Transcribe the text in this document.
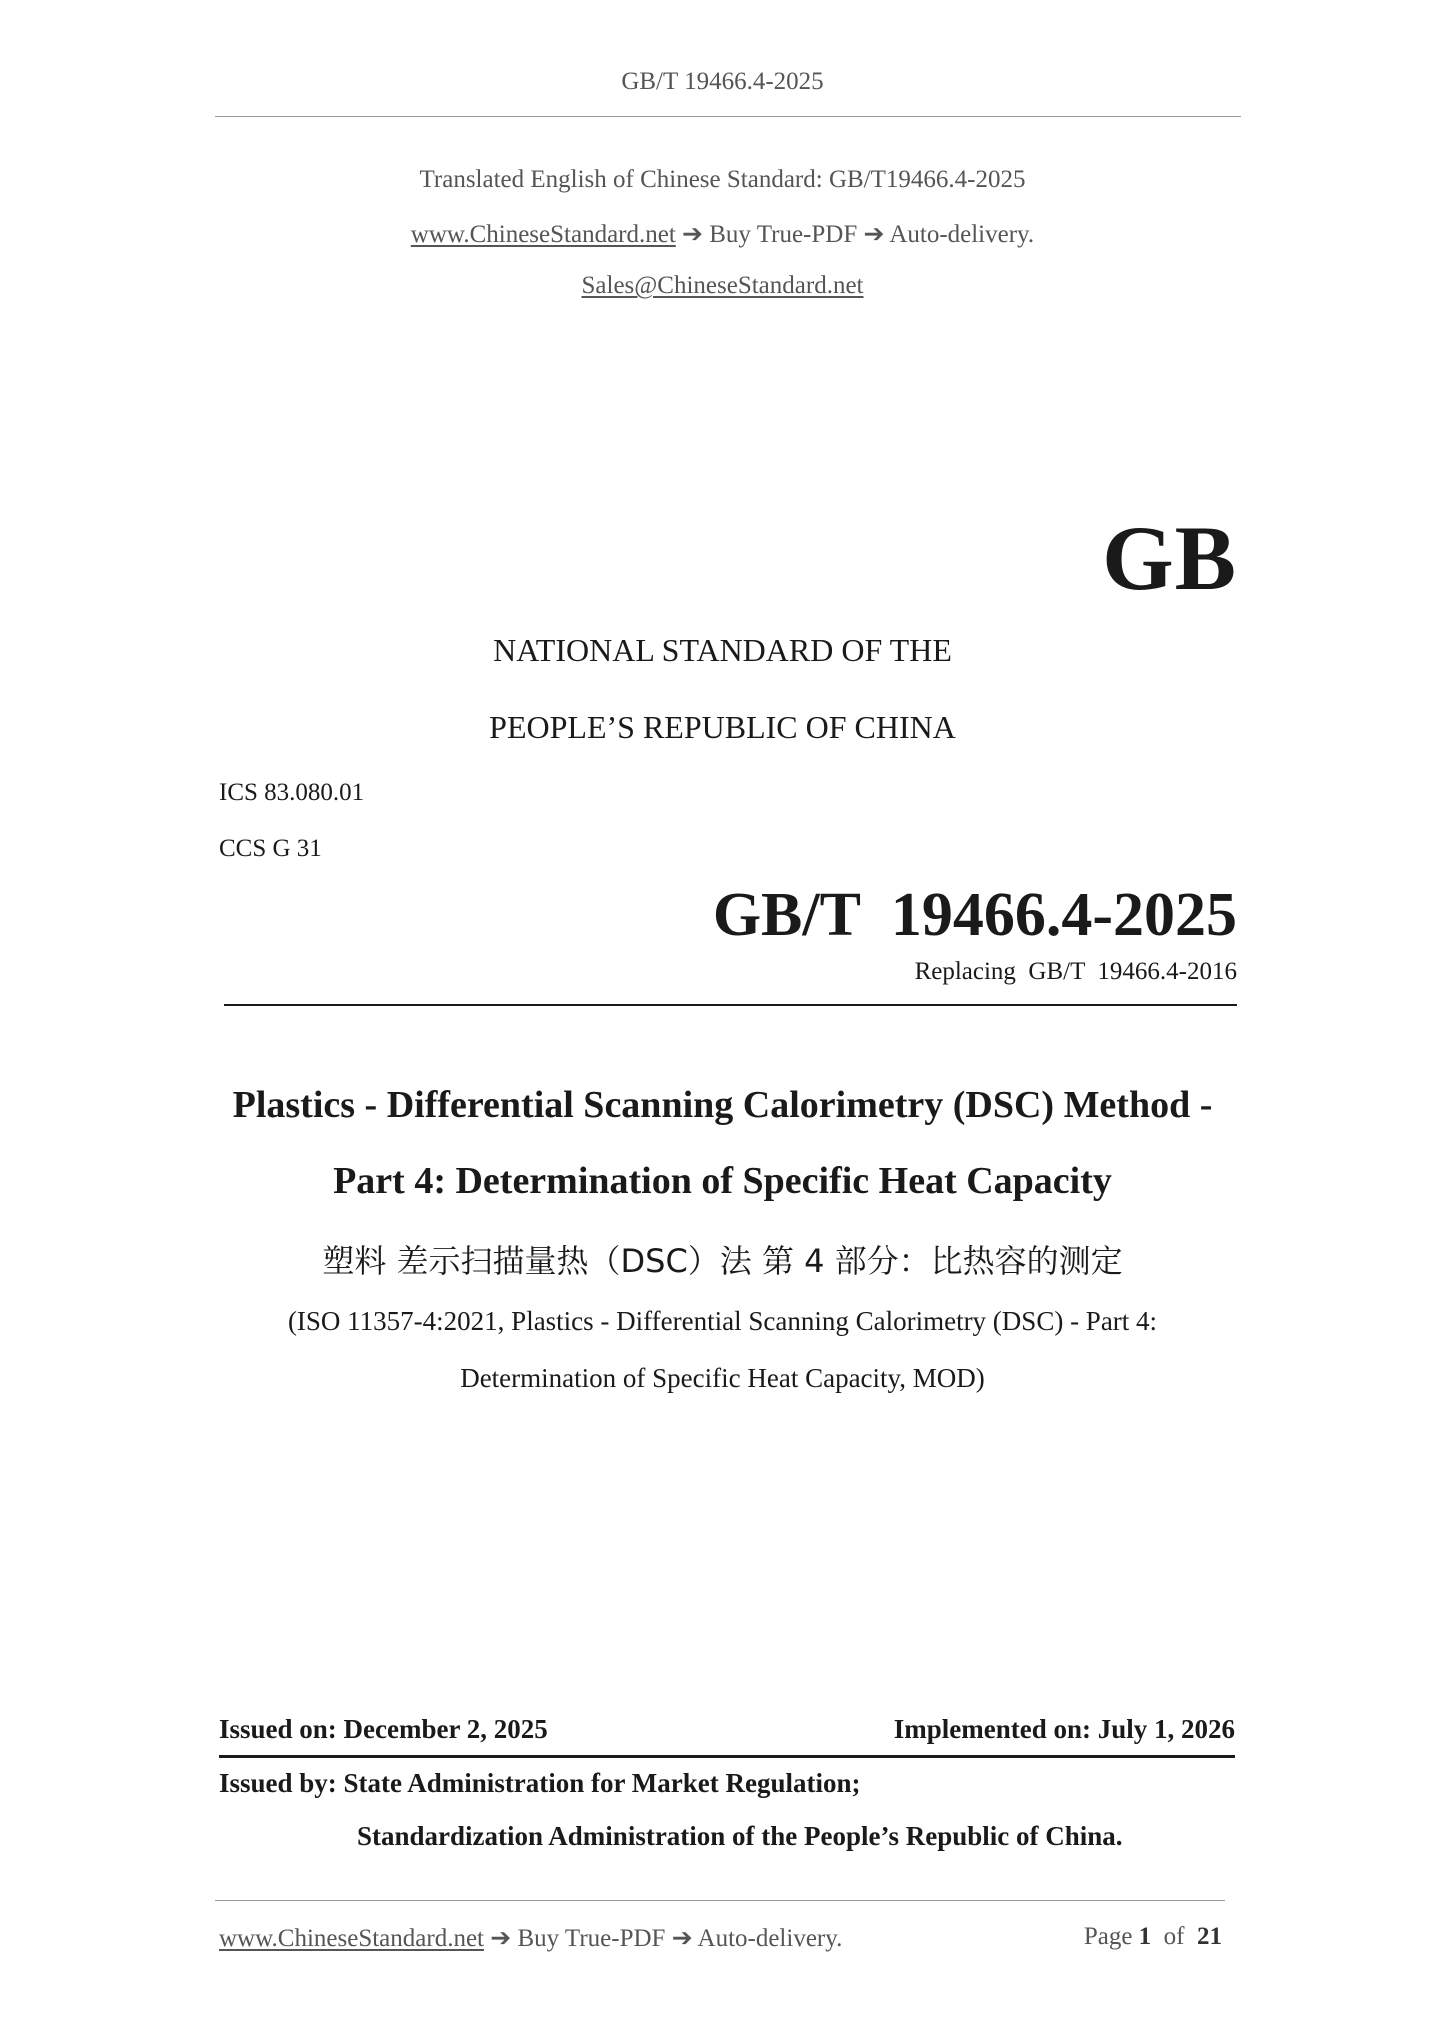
GB/T 19466.4-2025
Translated English of Chinese Standard: GB/T19466.4-2025
www.ChineseStandard.net ➔ Buy True-PDF ➔ Auto-delivery.
Sales@ChineseStandard.net
GB
NATIONAL STANDARD OF THE
PEOPLE’S REPUBLIC OF CHINA
ICS 83.080.01
CCS G 31
GB/T  19466.4-2025
Replacing  GB/T  19466.4-2016
Plastics - Differential Scanning Calorimetry (DSC) Method -
Part 4: Determination of Specific Heat Capacity
塑料 差示扫描量热（DSC）法 第 4 部分：比热容的测定
(ISO 11357-4:2021, Plastics - Differential Scanning Calorimetry (DSC) - Part 4:
Determination of Specific Heat Capacity, MOD)
Issued on: December 2, 2025	Implemented on: July 1, 2026
Issued by: State Administration for Market Regulation;
Standardization Administration of the People’s Republic of China.
www.ChineseStandard.net ➔ Buy True-PDF ➔ Auto-delivery.	Page 1  of  21
